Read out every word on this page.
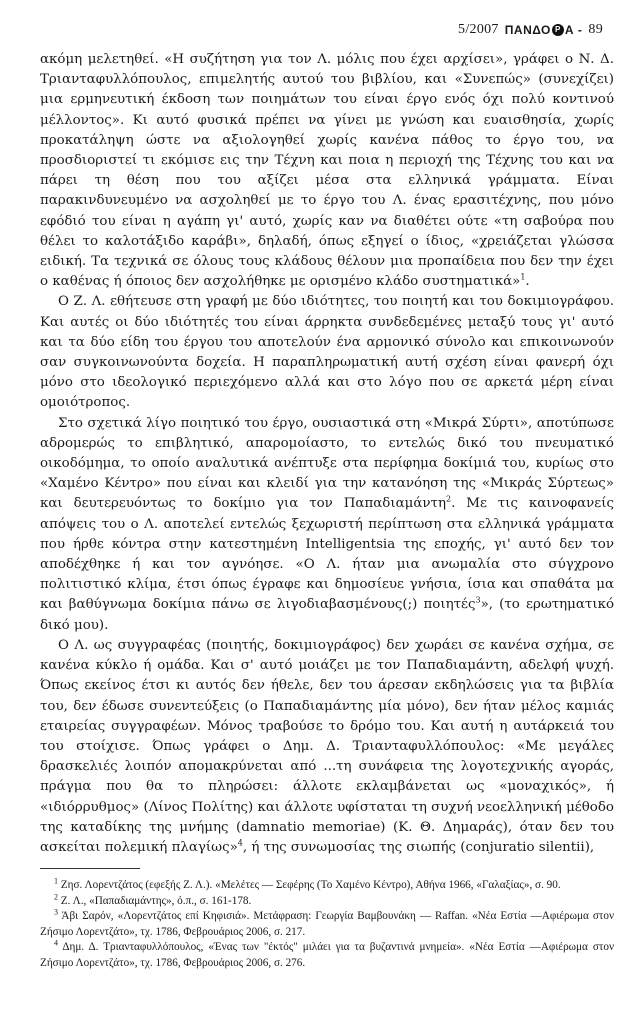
5/2007 ΠΑΝΔΟ Ρ Α - 89

ακόμη μελετηθεί. «Η συζήτηση για τον Λ. μόλις που έχει αρχίσει», γράφει ο Ν. Δ. Τριανταφυλλόπουλος, επιμελητής αυτού του βιβλίου, και «Συνεπώς» (συνεχίζει) μια ερμηνευτική έκδοση των ποιημάτων του είναι έργο ενός όχι πολύ κοντινού μέλλοντος». Κι αυτό φυσικά πρέπει να γίνει με γνώση και ευαισθησία, χωρίς προκατάληψη ώστε να αξιολογηθεί χωρίς κανένα πάθος το έργο του, να προσδιοριστεί τι εκόμισε εις την Τέχνη και ποια η περιοχή της Τέχνης του και να πάρει τη θέση που του αξίζει μέσα στα ελληνικά γράμματα. Είναι παρακινδυνευμένο να ασχοληθεί με το έργο του Λ. ένας ερασιτέχνης, που μόνο εφόδιό του είναι η αγάπη γι' αυτό, χωρίς καν να διαθέτει ούτε «τη σαβούρα που θέλει το καλοτάξιδο καράβι», δηλαδή, όπως εξηγεί ο ίδιος, «χρειάζεται γλώσσα ειδική. Τα τεχνικά σε όλους τους κλάδους θέλουν μια προπαίδεια που δεν την έχει ο καθένας ή όποιος δεν ασχολήθηκε με ορισμένο κλάδο συστηματικά»$^1$.

Ο Ζ. Λ. εθήτευσε στη γραφή με δύο ιδιότητες, του ποιητή και του δοκιμιογράφου. Και αυτές οι δύο ιδιότητές του είναι άρρηκτα συνδεδεμένες μεταξύ τους γι' αυτό και τα δύο είδη του έργου του αποτελούν ένα αρμονικό σύνολο και επικοινωνούν σαν συγκοινωνούντα δοχεία. Η παραπληρωματική αυτή σχέση είναι φανερή όχι μόνο στο ιδεολογικό περιεχόμενο αλλά και στο λόγο που σε αρκετά μέρη είναι ομοιότροπος.

Στο σχετικά λίγο ποιητικό του έργο, ουσιαστικά στη «Μικρά Σύρτι», αποτύπωσε αδρομερώς το επιβλητικό, απαρομοίαστο, το εντελώς δικό του πνευματικό οικοδόμημα, το οποίο αναλυτικά ανέπτυξε στα περίφημα δοκίμιά του, κυρίως στο «Χαμένο Κέντρο» που είναι και κλειδί για την κατανόηση της «Μικράς Σύρτεως» και δευτερευόντως το δοκίμιο για τον Παπαδιαμάντη$^2$. Με τις καινοφανείς απόψεις του ο Λ. αποτελεί εντελώς ξεχωριστή περίπτωση στα ελληνικά γράμματα που ήρθε κόντρα στην κατεστημένη Intelligentsia της εποχής, γι' αυτό δεν τον αποδέχθηκε ή και τον αγνόησε. «Ο Λ. ήταν μια ανωμαλία στο σύγχρονο πολιτιστικό κλίμα, έτσι όπως έγραφε και δημοσίευε γνήσια, ίσια και σπαθάτα μα και βαθύγνωμα δοκίμια πάνω σε λιγοδιαβασμένους(;) ποιητές$^3$», (το ερωτηματικό δικό μου).

Ο Λ. ως συγγραφέας (ποιητής, δοκιμιογράφος) δεν χωράει σε κανένα σχήμα, σε κανένα κύκλο ή ομάδα. Και σ' αυτό μοιάζει με τον Παπαδιαμάντη, αδελφή ψυχή. Όπως εκείνος έτσι κι αυτός δεν ήθελε, δεν του άρεσαν εκδηλώσεις για τα βιβλία του, δεν έδωσε συνεντεύξεις (ο Παπαδιαμάντης μία μόνο), δεν ήταν μέλος καμιάς εταιρείας συγγραφέων. Μόνος τραβούσε το δρόμο του. Και αυτή η αυτάρκειά του του στοίχισε. Όπως γράφει ο Δημ. Δ. Τριανταφυλλόπουλος: «Με μεγάλες δρασκελιές λοιπόν απομακρύνεται από ...τη συνάφεια της λογοτεχνικής αγοράς, πράγμα που θα το πληρώσει: άλλοτε εκλαμβάνεται ως «μοναχικός», ή «ιδιόρρυθμος» (Λίνος Πολίτης) και άλλοτε υφίσταται τη συχνή νεοελληνική μέθοδο της καταδίκης της μνήμης (damnatio memoriae) (Κ. Θ. Δημαράς), όταν δεν του ασκείται πολεμική πλαγίως»$^4$, ή της συνωμοσίας της σιωπής (conjuratio silentii),

$^1$ Ζησ. Λορεντζάτος (εφεξής Ζ. Λ.). «Μελέτες — Σεφέρης (Το Χαμένο Κέντρο), Αθήνα 1966, «Γαλαξίας», σ. 90.

$^2$ Ζ. Λ., «Παπαδιαμάντης», ό.π., σ. 161-178.

$^3$ Άβι Σαρόν, «Λορεντζάτος επί Κηφισιά». Μετάφραση: Γεωργία Βαμβουνάκη — Raffan. «Νέα Εστία —Αφιέρωμα στον Ζήσιμο Λορεντζάτο», τχ. 1786, Φεβρουάριος 2006, σ. 217.

$^4$ Δημ. Δ. Τριανταφυλλόπουλος, «Ένας των "έκτός" μιλάει για τα βυζαντινά μνημεία». «Νέα Εστία —Αφιέρωμα στον Ζήσιμο Λορεντζάτο», τχ. 1786, Φεβρουάριος 2006, σ. 276.
